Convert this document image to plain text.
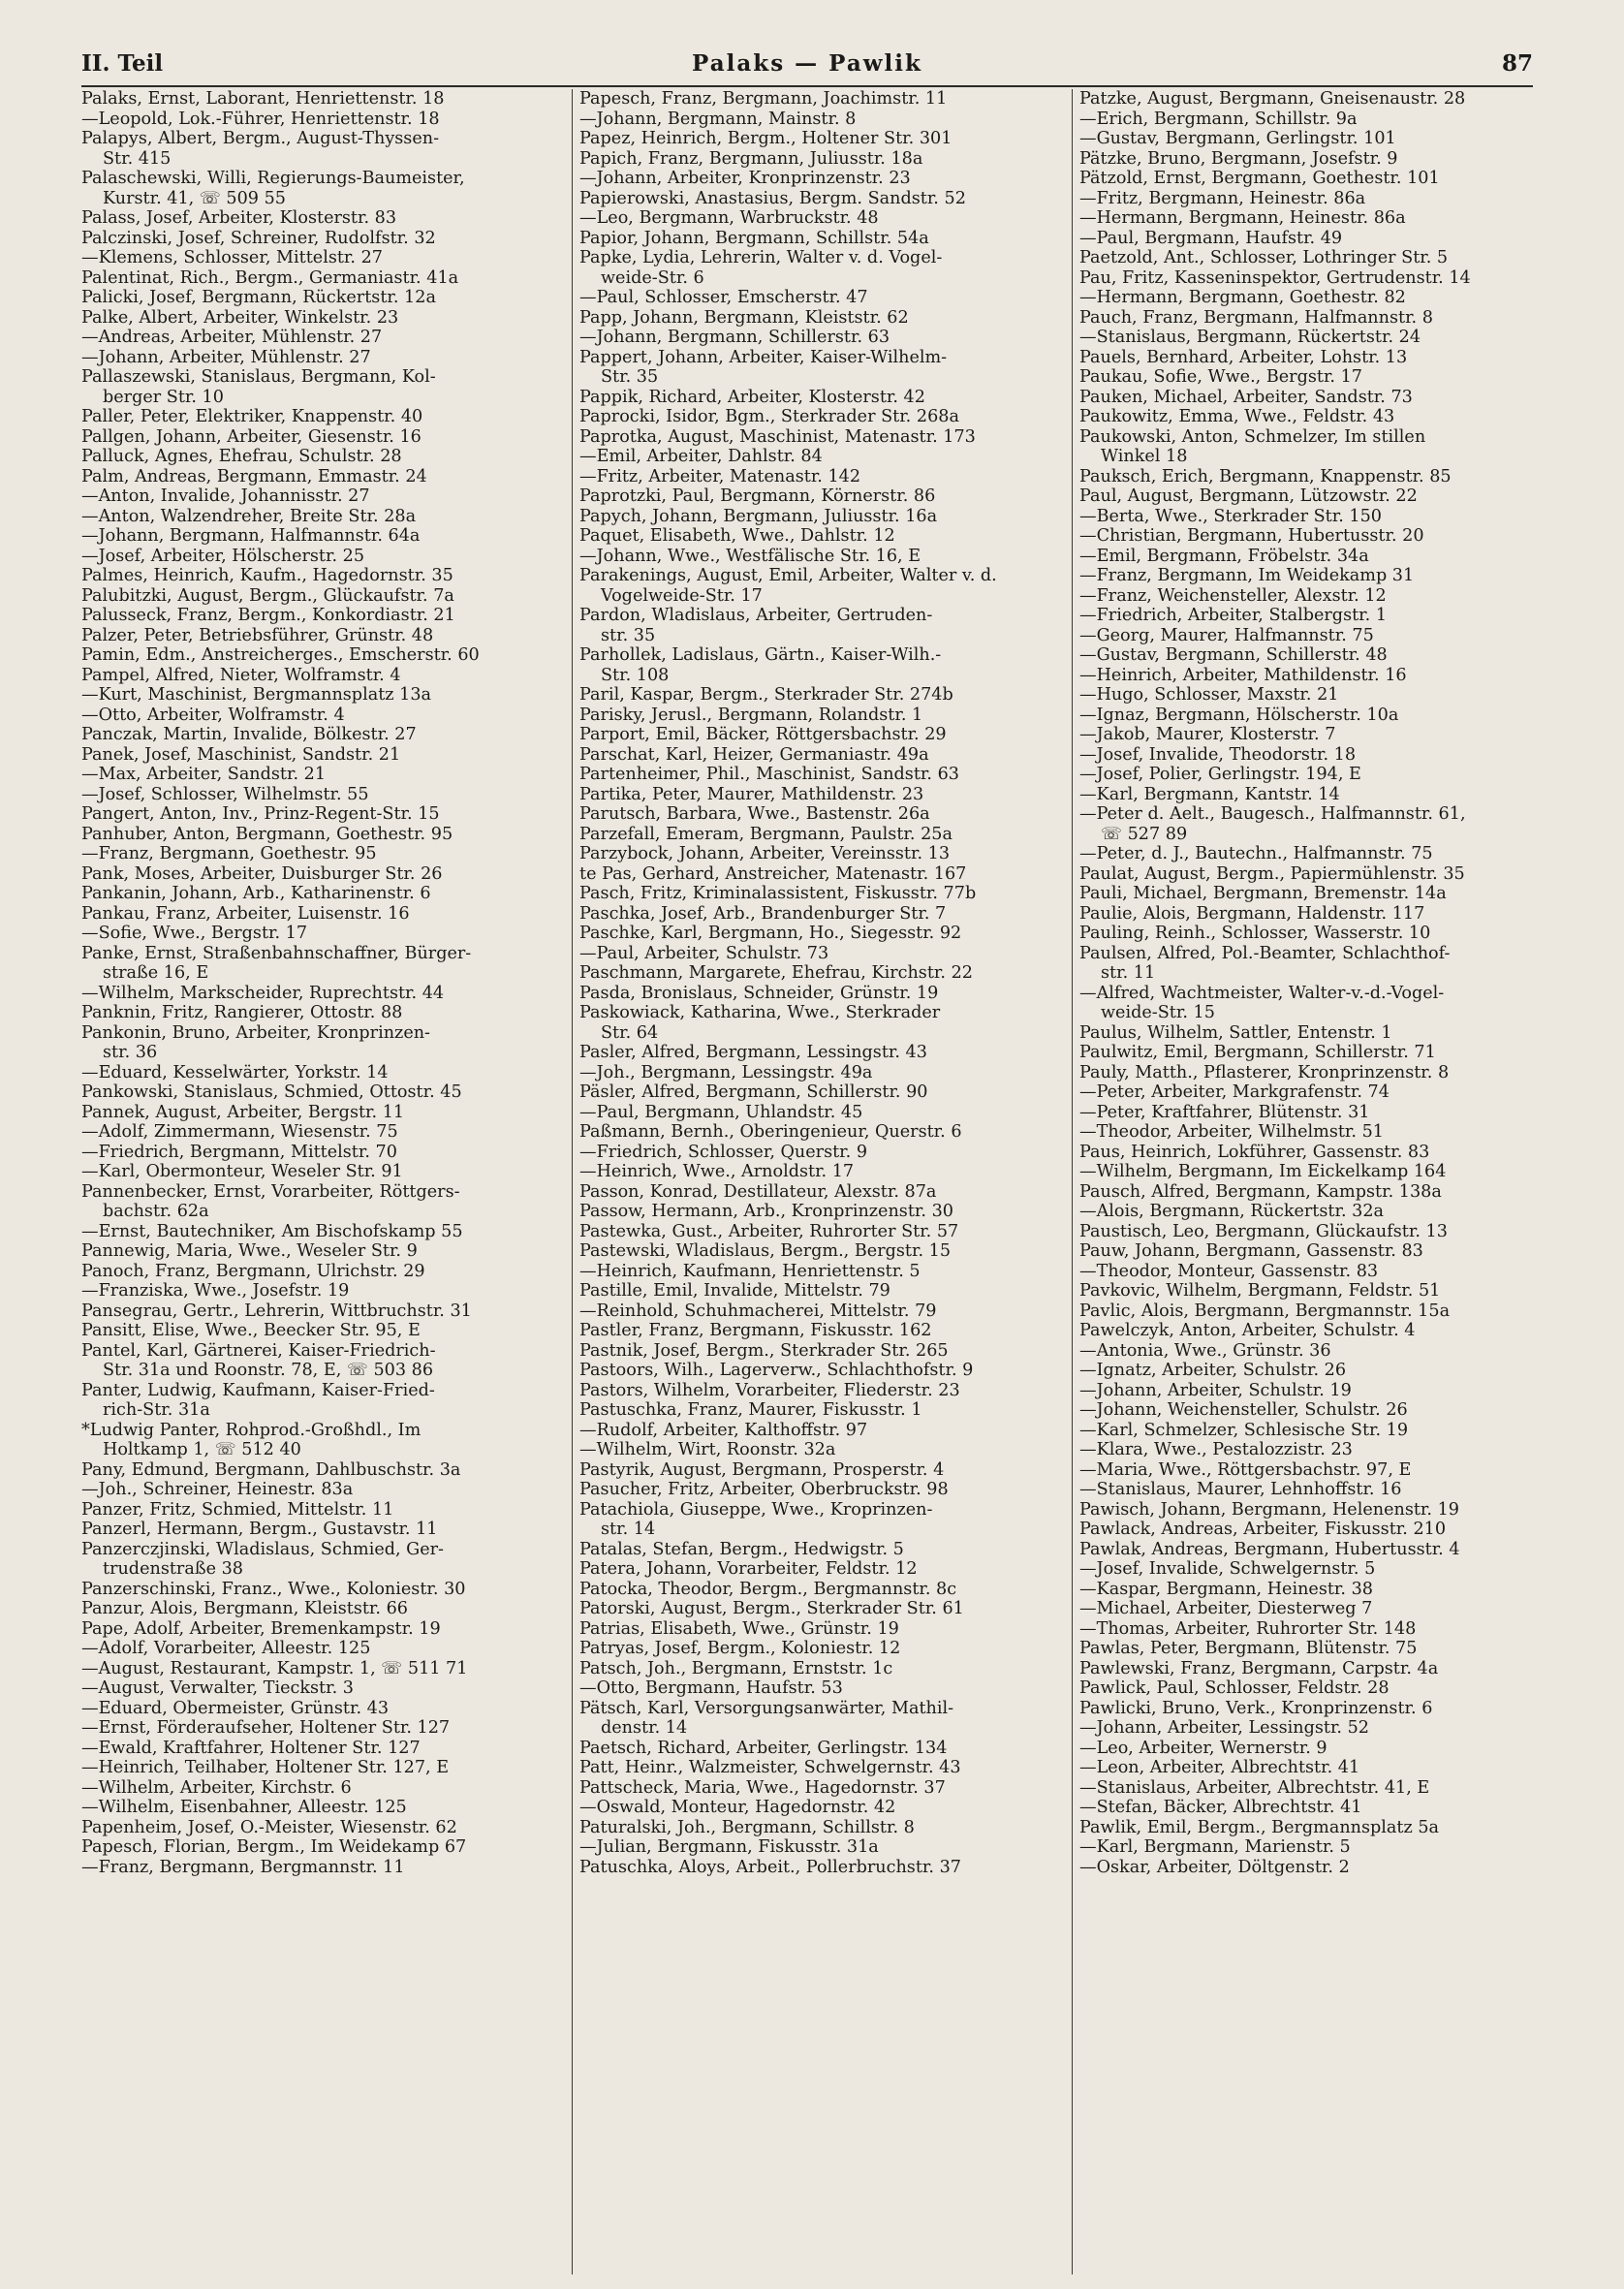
II. Teil	Palaks — Pawlik	87
Palaks, Ernst, Laborant, Henriettenstr. 18
—Leopold, Lok.-Führer, Henriettenstr. 18
Palapys, Albert, Bergm., August-Thyssen-
Str. 415
Palaschewski, Willi, Regierungs-Baumeister,
Kurstr. 41, ☏ 509 55
Palass, Josef, Arbeiter, Klosterstr. 83
Palczinski, Josef, Schreiner, Rudolfstr. 32
—Klemens, Schlosser, Mittelstr. 27
Palentinat, Rich., Bergm., Germaniastr. 41a
Palicki, Josef, Bergmann, Rückertstr. 12a
Palke, Albert, Arbeiter, Winkelstr. 23
—Andreas, Arbeiter, Mühlenstr. 27
—Johann, Arbeiter, Mühlenstr. 27
Pallaszewski, Stanislaus, Bergmann, Kol-
berger Str. 10
Paller, Peter, Elektriker, Knappenstr. 40
Pallgen, Johann, Arbeiter, Giesenstr. 16
Palluck, Agnes, Ehefrau, Schulstr. 28
Palm, Andreas, Bergmann, Emmastr. 24
—Anton, Invalide, Johannisstr. 27
—Anton, Walzendreher, Breite Str. 28a
—Johann, Bergmann, Halfmannstr. 64a
—Josef, Arbeiter, Hölscherstr. 25
Palmes, Heinrich, Kaufm., Hagedornstr. 35
Palubitzki, August, Bergm., Glückaufstr. 7a
Palusseck, Franz, Bergm., Konkordiastr. 21
Palzer, Peter, Betriebsführer, Grünstr. 48
Pamin, Edm., Anstreicherges., Emscherstr. 60
Pampel, Alfred, Nieter, Wolframstr. 4
—Kurt, Maschinist, Bergmannsplatz 13a
—Otto, Arbeiter, Wolframstr. 4
Panczak, Martin, Invalide, Bölkestr. 27
Panek, Josef, Maschinist, Sandstr. 21
—Max, Arbeiter, Sandstr. 21
—Josef, Schlosser, Wilhelmstr. 55
Pangert, Anton, Inv., Prinz-Regent-Str. 15
Panhuber, Anton, Bergmann, Goethestr. 95
—Franz, Bergmann, Goethestr. 95
Pank, Moses, Arbeiter, Duisburger Str. 26
Pankanin, Johann, Arb., Katharinenstr. 6
Pankau, Franz, Arbeiter, Luisenstr. 16
—Sofie, Wwe., Bergstr. 17
Panke, Ernst, Straßenbahnschaffner, Bürger-
straße 16, E
—Wilhelm, Markscheider, Ruprechtstr. 44
Panknin, Fritz, Rangierer, Ottostr. 88
Pankonin, Bruno, Arbeiter, Kronprinzen-
str. 36
—Eduard, Kesselwärter, Yorkstr. 14
Pankowski, Stanislaus, Schmied, Ottostr. 45
Pannek, August, Arbeiter, Bergstr. 11
—Adolf, Zimmermann, Wiesenstr. 75
—Friedrich, Bergmann, Mittelstr. 70
—Karl, Obermonteur, Weseler Str. 91
Pannenbecker, Ernst, Vorarbeiter, Röttgers-
bachstr. 62a
—Ernst, Bautechniker, Am Bischofskamp 55
Pannewig, Maria, Wwe., Weseler Str. 9
Panoch, Franz, Bergmann, Ulrichstr. 29
—Franziska, Wwe., Josefstr. 19
Pansegrau, Gertr., Lehrerin, Wittbruchstr. 31
Pansitt, Elise, Wwe., Beecker Str. 95, E
Pantel, Karl, Gärtnerei, Kaiser-Friedrich-
Str. 31a und Roonstr. 78, E, ☏ 503 86
Panter, Ludwig, Kaufmann, Kaiser-Fried-
rich-Str. 31a
*Ludwig Panter, Rohprod.-Großhdl., Im
Holtkamp 1, ☏ 512 40
Pany, Edmund, Bergmann, Dahlbuschstr. 3a
—Joh., Schreiner, Heinestr. 83a
Panzer, Fritz, Schmied, Mittelstr. 11
Panzerl, Hermann, Bergm., Gustavstr. 11
Panzerczjinski, Wladislaus, Schmied, Ger-
trudenstraße 38
Panzerschinski, Franz., Wwe., Koloniestr. 30
Panzur, Alois, Bergmann, Kleiststr. 66
Pape, Adolf, Arbeiter, Bremenkampstr. 19
—Adolf, Vorarbeiter, Alleestr. 125
—August, Restaurant, Kampstr. 1, ☏ 511 71
—August, Verwalter, Tieckstr. 3
—Eduard, Obermeister, Grünstr. 43
—Ernst, Förderaufseher, Holtener Str. 127
—Ewald, Kraftfahrer, Holtener Str. 127
—Heinrich, Teilhaber, Holtener Str. 127, E
—Wilhelm, Arbeiter, Kirchstr. 6
—Wilhelm, Eisenbahner, Alleestr. 125
Papenheim, Josef, O.-Meister, Wiesenstr. 62
Papesch, Florian, Bergm., Im Weidekamp 67
—Franz, Bergmann, Bergmannstr. 11
Papesch, Franz, Bergmann, Joachimstr. 11
—Johann, Bergmann, Mainstr. 8
Papez, Heinrich, Bergm., Holtener Str. 301
Papich, Franz, Bergmann, Juliusstr. 18a
—Johann, Arbeiter, Kronprinzenstr. 23
Papierowski, Anastasius, Bergm. Sandstr. 52
—Leo, Bergmann, Warbruckstr. 48
Papior, Johann, Bergmann, Schillstr. 54a
Papke, Lydia, Lehrerin, Walter v. d. Vogel-
weide-Str. 6
—Paul, Schlosser, Emscherstr. 47
Papp, Johann, Bergmann, Kleiststr. 62
—Johann, Bergmann, Schillerstr. 63
Pappert, Johann, Arbeiter, Kaiser-Wilhelm-
Str. 35
Pappik, Richard, Arbeiter, Klosterstr. 42
Paprocki, Isidor, Bgm., Sterkrader Str. 268a
Paprotka, August, Maschinist, Matenastr. 173
—Emil, Arbeiter, Dahlstr. 84
—Fritz, Arbeiter, Matenastr. 142
Paprotzki, Paul, Bergmann, Körnerstr. 86
Papych, Johann, Bergmann, Juliusstr. 16a
Paquet, Elisabeth, Wwe., Dahlstr. 12
—Johann, Wwe., Westfälische Str. 16, E
Parakenings, August, Emil, Arbeiter, Walter v. d.
Vogelweide-Str. 17
Pardon, Wladislaus, Arbeiter, Gertruden-
str. 35
Parhollek, Ladislaus, Gärtn., Kaiser-Wilh.-
Str. 108
Paril, Kaspar, Bergm., Sterkrader Str. 274b
Parisky, Jerusl., Bergmann, Rolandstr. 1
Parport, Emil, Bäcker, Röttgersbachstr. 29
Parschat, Karl, Heizer, Germaniastr. 49a
Partenheimer, Phil., Maschinist, Sandstr. 63
Partika, Peter, Maurer, Mathildenstr. 23
Parutsch, Barbara, Wwe., Bastenstr. 26a
Parzefall, Emeram, Bergmann, Paulstr. 25a
Parzybock, Johann, Arbeiter, Vereinsstr. 13
te Pas, Gerhard, Anstreicher, Matenastr. 167
Pasch, Fritz, Kriminalassistent, Fiskusstr. 77b
Paschka, Josef, Arb., Brandenburger Str. 7
Paschke, Karl, Bergmann, Ho., Siegesstr. 92
—Paul, Arbeiter, Schulstr. 73
Paschmann, Margarete, Ehefrau, Kirchstr. 22
Pasda, Bronislaus, Schneider, Grünstr. 19
Paskowiack, Katharina, Wwe., Sterkrader
Str. 64
Pasler, Alfred, Bergmann, Lessingstr. 43
—Joh., Bergmann, Lessingstr. 49a
Päsler, Alfred, Bergmann, Schillerstr. 90
—Paul, Bergmann, Uhlandstr. 45
Paßmann, Bernh., Oberingenieur, Querstr. 6
—Friedrich, Schlosser, Querstr. 9
—Heinrich, Wwe., Arnoldstr. 17
Passon, Konrad, Destillateur, Alexstr. 87a
Passow, Hermann, Arb., Kronprinzenstr. 30
Pastewka, Gust., Arbeiter, Ruhrorter Str. 57
Pastewski, Wladislaus, Bergm., Bergstr. 15
—Heinrich, Kaufmann, Henriettenstr. 5
Pastille, Emil, Invalide, Mittelstr. 79
—Reinhold, Schuhmacherei, Mittelstr. 79
Pastler, Franz, Bergmann, Fiskusstr. 162
Pastnik, Josef, Bergm., Sterkrader Str. 265
Pastoors, Wilh., Lagerverw., Schlachthofstr. 9
Pastors, Wilhelm, Vorarbeiter, Fliederstr. 23
Pastuschka, Franz, Maurer, Fiskusstr. 1
—Rudolf, Arbeiter, Kalthoffstr. 97
—Wilhelm, Wirt, Roonstr. 32a
Pastyrik, August, Bergmann, Prosperstr. 4
Pasucher, Fritz, Arbeiter, Oberbruckstr. 98
Patachiola, Giuseppe, Wwe., Kroprinzen-
str. 14
Patalas, Stefan, Bergm., Hedwigstr. 5
Patera, Johann, Vorarbeiter, Feldstr. 12
Patocka, Theodor, Bergm., Bergmannstr. 8c
Patorski, August, Bergm., Sterkrader Str. 61
Patrias, Elisabeth, Wwe., Grünstr. 19
Patryas, Josef, Bergm., Koloniestr. 12
Patsch, Joh., Bergmann, Ernststr. 1c
—Otto, Bergmann, Haufstr. 53
Pätsch, Karl, Versorgungsanwärter, Mathil-
denstr. 14
Paetsch, Richard, Arbeiter, Gerlingstr. 134
Patt, Heinr., Walzmeister, Schwelgernstr. 43
Pattscheck, Maria, Wwe., Hagedornstr. 37
—Oswald, Monteur, Hagedornstr. 42
Paturalski, Joh., Bergmann, Schillstr. 8
—Julian, Bergmann, Fiskusstr. 31a
Patuschka, Aloys, Arbeit., Pollerbruchstr. 37
Patzke, August, Bergmann, Gneisenaustr. 28
—Erich, Bergmann, Schillstr. 9a
—Gustav, Bergmann, Gerlingstr. 101
Pätzke, Bruno, Bergmann, Josefstr. 9
Pätzold, Ernst, Bergmann, Goethestr. 101
—Fritz, Bergmann, Heinestr. 86a
—Hermann, Bergmann, Heinestr. 86a
—Paul, Bergmann, Haufstr. 49
Paetzold, Ant., Schlosser, Lothringer Str. 5
Pau, Fritz, Kasseninspektor, Gertrudenstr. 14
—Hermann, Bergmann, Goethestr. 82
Pauch, Franz, Bergmann, Halfmannstr. 8
—Stanislaus, Bergmann, Rückertstr. 24
Pauels, Bernhard, Arbeiter, Lohstr. 13
Paukau, Sofie, Wwe., Bergstr. 17
Pauken, Michael, Arbeiter, Sandstr. 73
Paukowitz, Emma, Wwe., Feldstr. 43
Paukowski, Anton, Schmelzer, Im stillen
Winkel 18
Pauksch, Erich, Bergmann, Knappenstr. 85
Paul, August, Bergmann, Lützowstr. 22
—Berta, Wwe., Sterkrader Str. 150
—Christian, Bergmann, Hubertusstr. 20
—Emil, Bergmann, Fröbelstr. 34a
—Franz, Bergmann, Im Weidekamp 31
—Franz, Weichensteller, Alexstr. 12
—Friedrich, Arbeiter, Stalbergstr. 1
—Georg, Maurer, Halfmannstr. 75
—Gustav, Bergmann, Schillerstr. 48
—Heinrich, Arbeiter, Mathildenstr. 16
—Hugo, Schlosser, Maxstr. 21
—Ignaz, Bergmann, Hölscherstr. 10a
—Jakob, Maurer, Klosterstr. 7
—Josef, Invalide, Theodorstr. 18
—Josef, Polier, Gerlingstr. 194, E
—Karl, Bergmann, Kantstr. 14
—Peter d. Aelt., Baugesch., Halfmannstr. 61,
☏ 527 89
—Peter, d. J., Bautechn., Halfmannstr. 75
Paulat, August, Bergm., Papiermühlenstr. 35
Pauli, Michael, Bergmann, Bremenstr. 14a
Paulie, Alois, Bergmann, Haldenstr. 117
Pauling, Reinh., Schlosser, Wasserstr. 10
Paulsen, Alfred, Pol.-Beamter, Schlachthof-
str. 11
—Alfred, Wachtmeister, Walter-v.-d.-Vogel-
weide-Str. 15
Paulus, Wilhelm, Sattler, Entenstr. 1
Paulwitz, Emil, Bergmann, Schillerstr. 71
Pauly, Matth., Pflasterer, Kronprinzenstr. 8
—Peter, Arbeiter, Markgrafenstr. 74
—Peter, Kraftfahrer, Blütenstr. 31
—Theodor, Arbeiter, Wilhelmstr. 51
Paus, Heinrich, Lokführer, Gassenstr. 83
—Wilhelm, Bergmann, Im Eickelkamp 164
Pausch, Alfred, Bergmann, Kampstr. 138a
—Alois, Bergmann, Rückertstr. 32a
Paustisch, Leo, Bergmann, Glückaufstr. 13
Pauw, Johann, Bergmann, Gassenstr. 83
—Theodor, Monteur, Gassenstr. 83
Pavkovic, Wilhelm, Bergmann, Feldstr. 51
Pavlic, Alois, Bergmann, Bergmannstr. 15a
Pawelczyk, Anton, Arbeiter, Schulstr. 4
—Antonia, Wwe., Grünstr. 36
—Ignatz, Arbeiter, Schulstr. 26
—Johann, Arbeiter, Schulstr. 19
—Johann, Weichensteller, Schulstr. 26
—Karl, Schmelzer, Schlesische Str. 19
—Klara, Wwe., Pestalozzistr. 23
—Maria, Wwe., Röttgersbachstr. 97, E
—Stanislaus, Maurer, Lehnhoffstr. 16
Pawisch, Johann, Bergmann, Helenenstr. 19
Pawlack, Andreas, Arbeiter, Fiskusstr. 210
Pawlak, Andreas, Bergmann, Hubertusstr. 4
—Josef, Invalide, Schwelgernstr. 5
—Kaspar, Bergmann, Heinestr. 38
—Michael, Arbeiter, Diesterweg 7
—Thomas, Arbeiter, Ruhrorter Str. 148
Pawlas, Peter, Bergmann, Blütenstr. 75
Pawlewski, Franz, Bergmann, Carpstr. 4a
Pawlick, Paul, Schlosser, Feldstr. 28
Pawlicki, Bruno, Verk., Kronprinzenstr. 6
—Johann, Arbeiter, Lessingstr. 52
—Leo, Arbeiter, Wernerstr. 9
—Leon, Arbeiter, Albrechtstr. 41
—Stanislaus, Arbeiter, Albrechtstr. 41, E
—Stefan, Bäcker, Albrechtstr. 41
Pawlik, Emil, Bergm., Bergmannsplatz 5a
—Karl, Bergmann, Marienstr. 5
—Oskar, Arbeiter, Döltgenstr. 2
